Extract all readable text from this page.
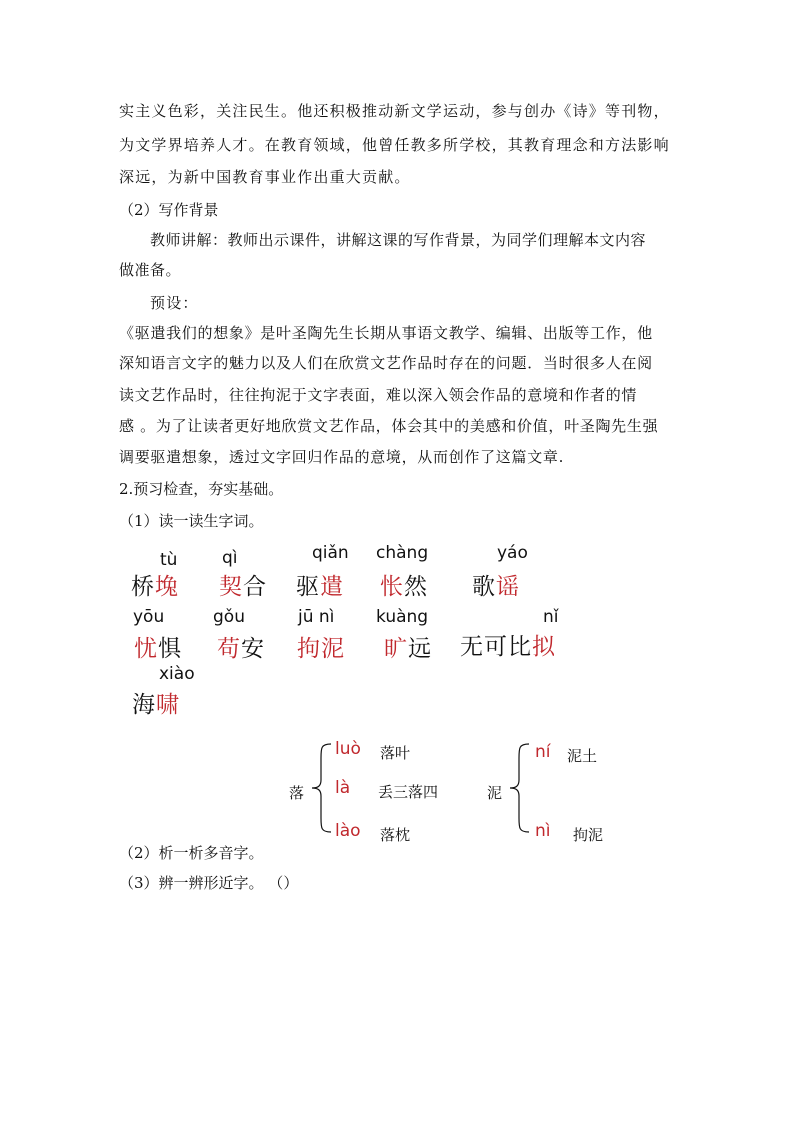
实主义色彩，关注民生。他还积极推动新文学运动，参与创办《诗》等刊物，
为文学界培养人才。在教育领域，他曾任教多所学校，其教育理念和方法影响
深远，为新中国教育事业作出重大贡献。
（2）写作背景
教师讲解：教师出示课件，讲解这课的写作背景，为同学们理解本文内容
做准备。
预设：
《驱遣我们的想象》是叶圣陶先生长期从事语文教学、编辑、出版等工作，他
深知语言文字的魅力以及人们在欣赏文艺作品时存在的问题．当时很多人在阅
读文艺作品时，往往拘泥于文字表面，难以深入领会作品的意境和作者的情
感 。为了让读者更好地欣赏文艺作品，体会其中的美感和价值，叶圣陶先生强
调要驱遣想象，透过文字回归作品的意境，从而创作了这篇文章.
2.预习检查，夯实基础。
（1）读一读生字词。
tù
桥堍
qì
契合
qiǎn
驱遣
chàng
怅然
yáo
歌谣
yōu
忧惧
gǒu
苟安
jū nì
拘泥
kuàng
旷远
nǐ
无可比拟
xiào
海啸
落
luò 落叶
là 丢三落四
lào 落枕
泥
ní 泥土
nì 拘泥
（2）析一析多音字。
（3）辨一辨形近字。 （）
